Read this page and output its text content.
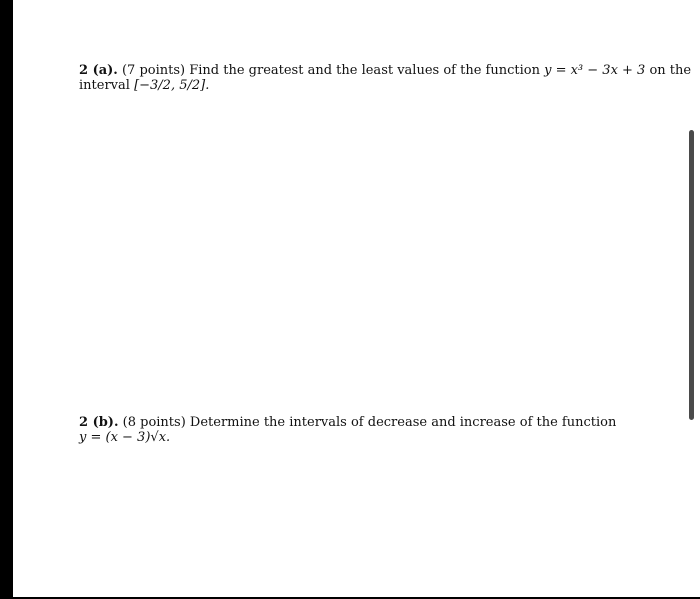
2 (a). (7 points) Find the greatest and the least values of the function y = x³ − 3x + 3 on the
interval [−3/2, 5/2].
2 (b). (8 points) Determine the intervals of decrease and increase of the function
y = (x − 3)√x.
